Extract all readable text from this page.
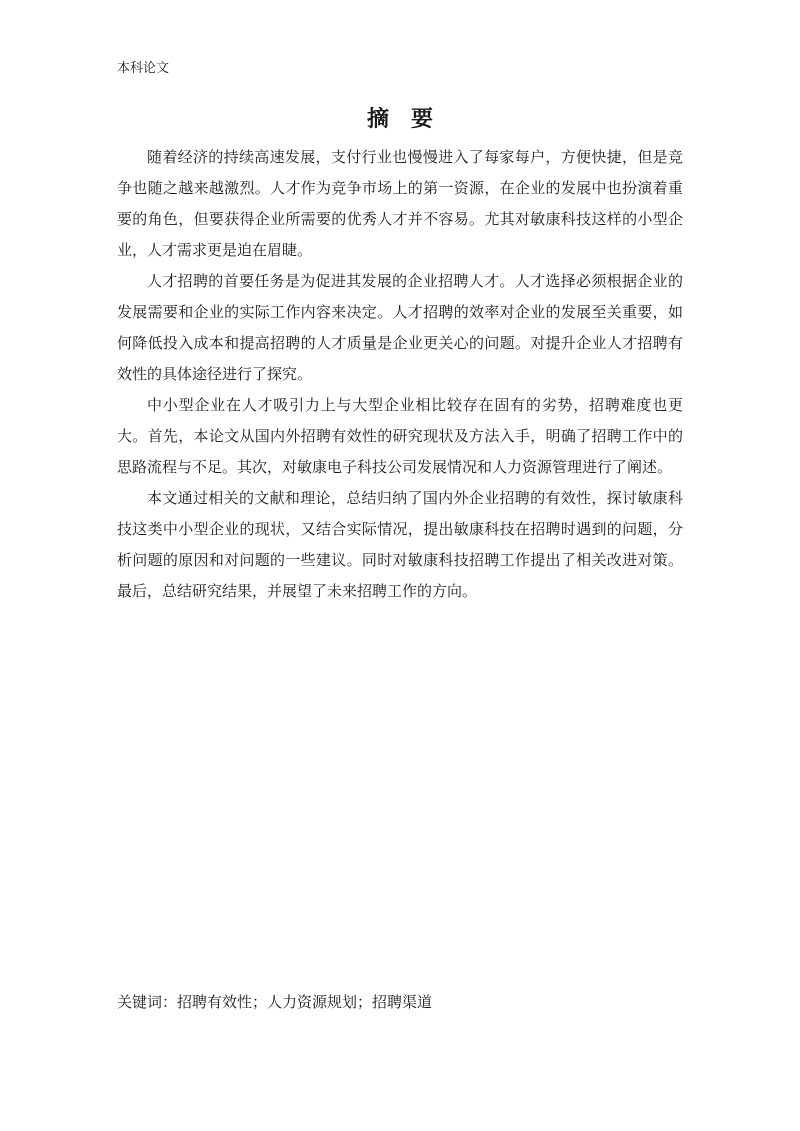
本科论文
摘要

随着经济的持续高速发展，支付行业也慢慢进入了每家每户，方便快捷，但是竞争也随之越来越激烈。人才作为竞争市场上的第一资源，在企业的发展中也扮演着重要的角色，但要获得企业所需要的优秀人才并不容易。尤其对敏康科技这样的小型企业，人才需求更是迫在眉睫。

人才招聘的首要任务是为促进其发展的企业招聘人才。人才选择必须根据企业的发展需要和企业的实际工作内容来决定。人才招聘的效率对企业的发展至关重要，如何降低投入成本和提高招聘的人才质量是企业更关心的问题。对提升企业人才招聘有效性的具体途径进行了探究。

中小型企业在人才吸引力上与大型企业相比较存在固有的劣势，招聘难度也更大。首先，本论文从国内外招聘有效性的研究现状及方法入手，明确了招聘工作中的思路流程与不足。其次，对敏康电子科技公司发展情况和人力资源管理进行了阐述。

本文通过相关的文献和理论，总结归纳了国内外企业招聘的有效性，探讨敏康科技这类中小型企业的现状，又结合实际情况，提出敏康科技在招聘时遇到的问题，分析问题的原因和对问题的一些建议。同时对敏康科技招聘工作提出了相关改进对策。最后，总结研究结果，并展望了未来招聘工作的方向。

关键词：招聘有效性；人力资源规划；招聘渠道
